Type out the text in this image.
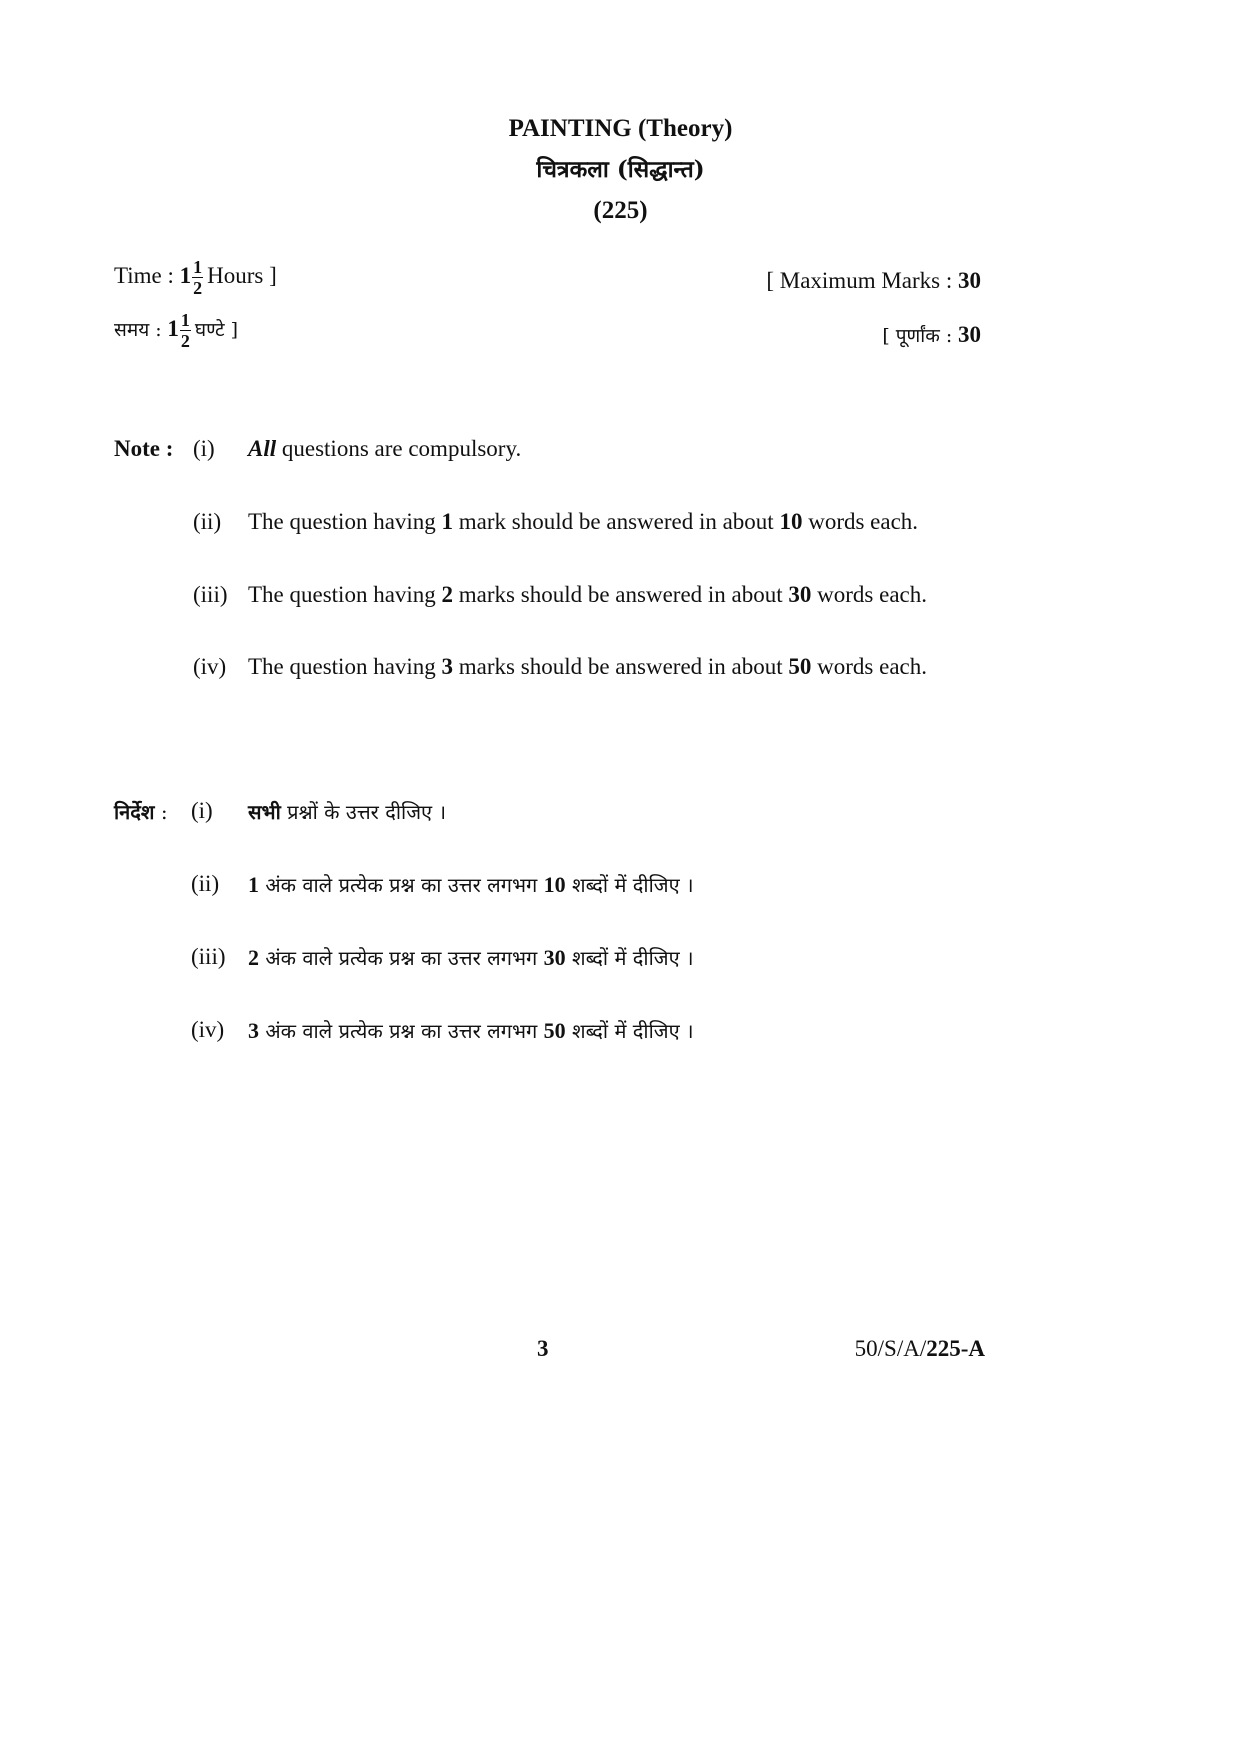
PAINTING (Theory)
चित्रकला (सिद्धान्त)
(225)
Time : $1 \frac{1}{2}$ Hours ]	[ Maximum Marks : 30
समय : $1 \frac{1}{2}$ घण्टे ]	[ पूर्णांक : 30
Note : (i) All questions are compulsory.
(ii) The question having 1 mark should be answered in about 10 words each.
(iii) The question having 2 marks should be answered in about 30 words each.
(iv) The question having 3 marks should be answered in about 50 words each.
निर्देश : (i) सभी प्रश्नों के उत्तर दीजिए ।
(ii) 1 अंक वाले प्रत्येक प्रश्न का उत्तर लगभग 10 शब्दों में दीजिए ।
(iii) 2 अंक वाले प्रत्येक प्रश्न का उत्तर लगभग 30 शब्दों में दीजिए ।
(iv) 3 अंक वाले प्रत्येक प्रश्न का उत्तर लगभग 50 शब्दों में दीजिए ।
3	50/S/A/225-A
